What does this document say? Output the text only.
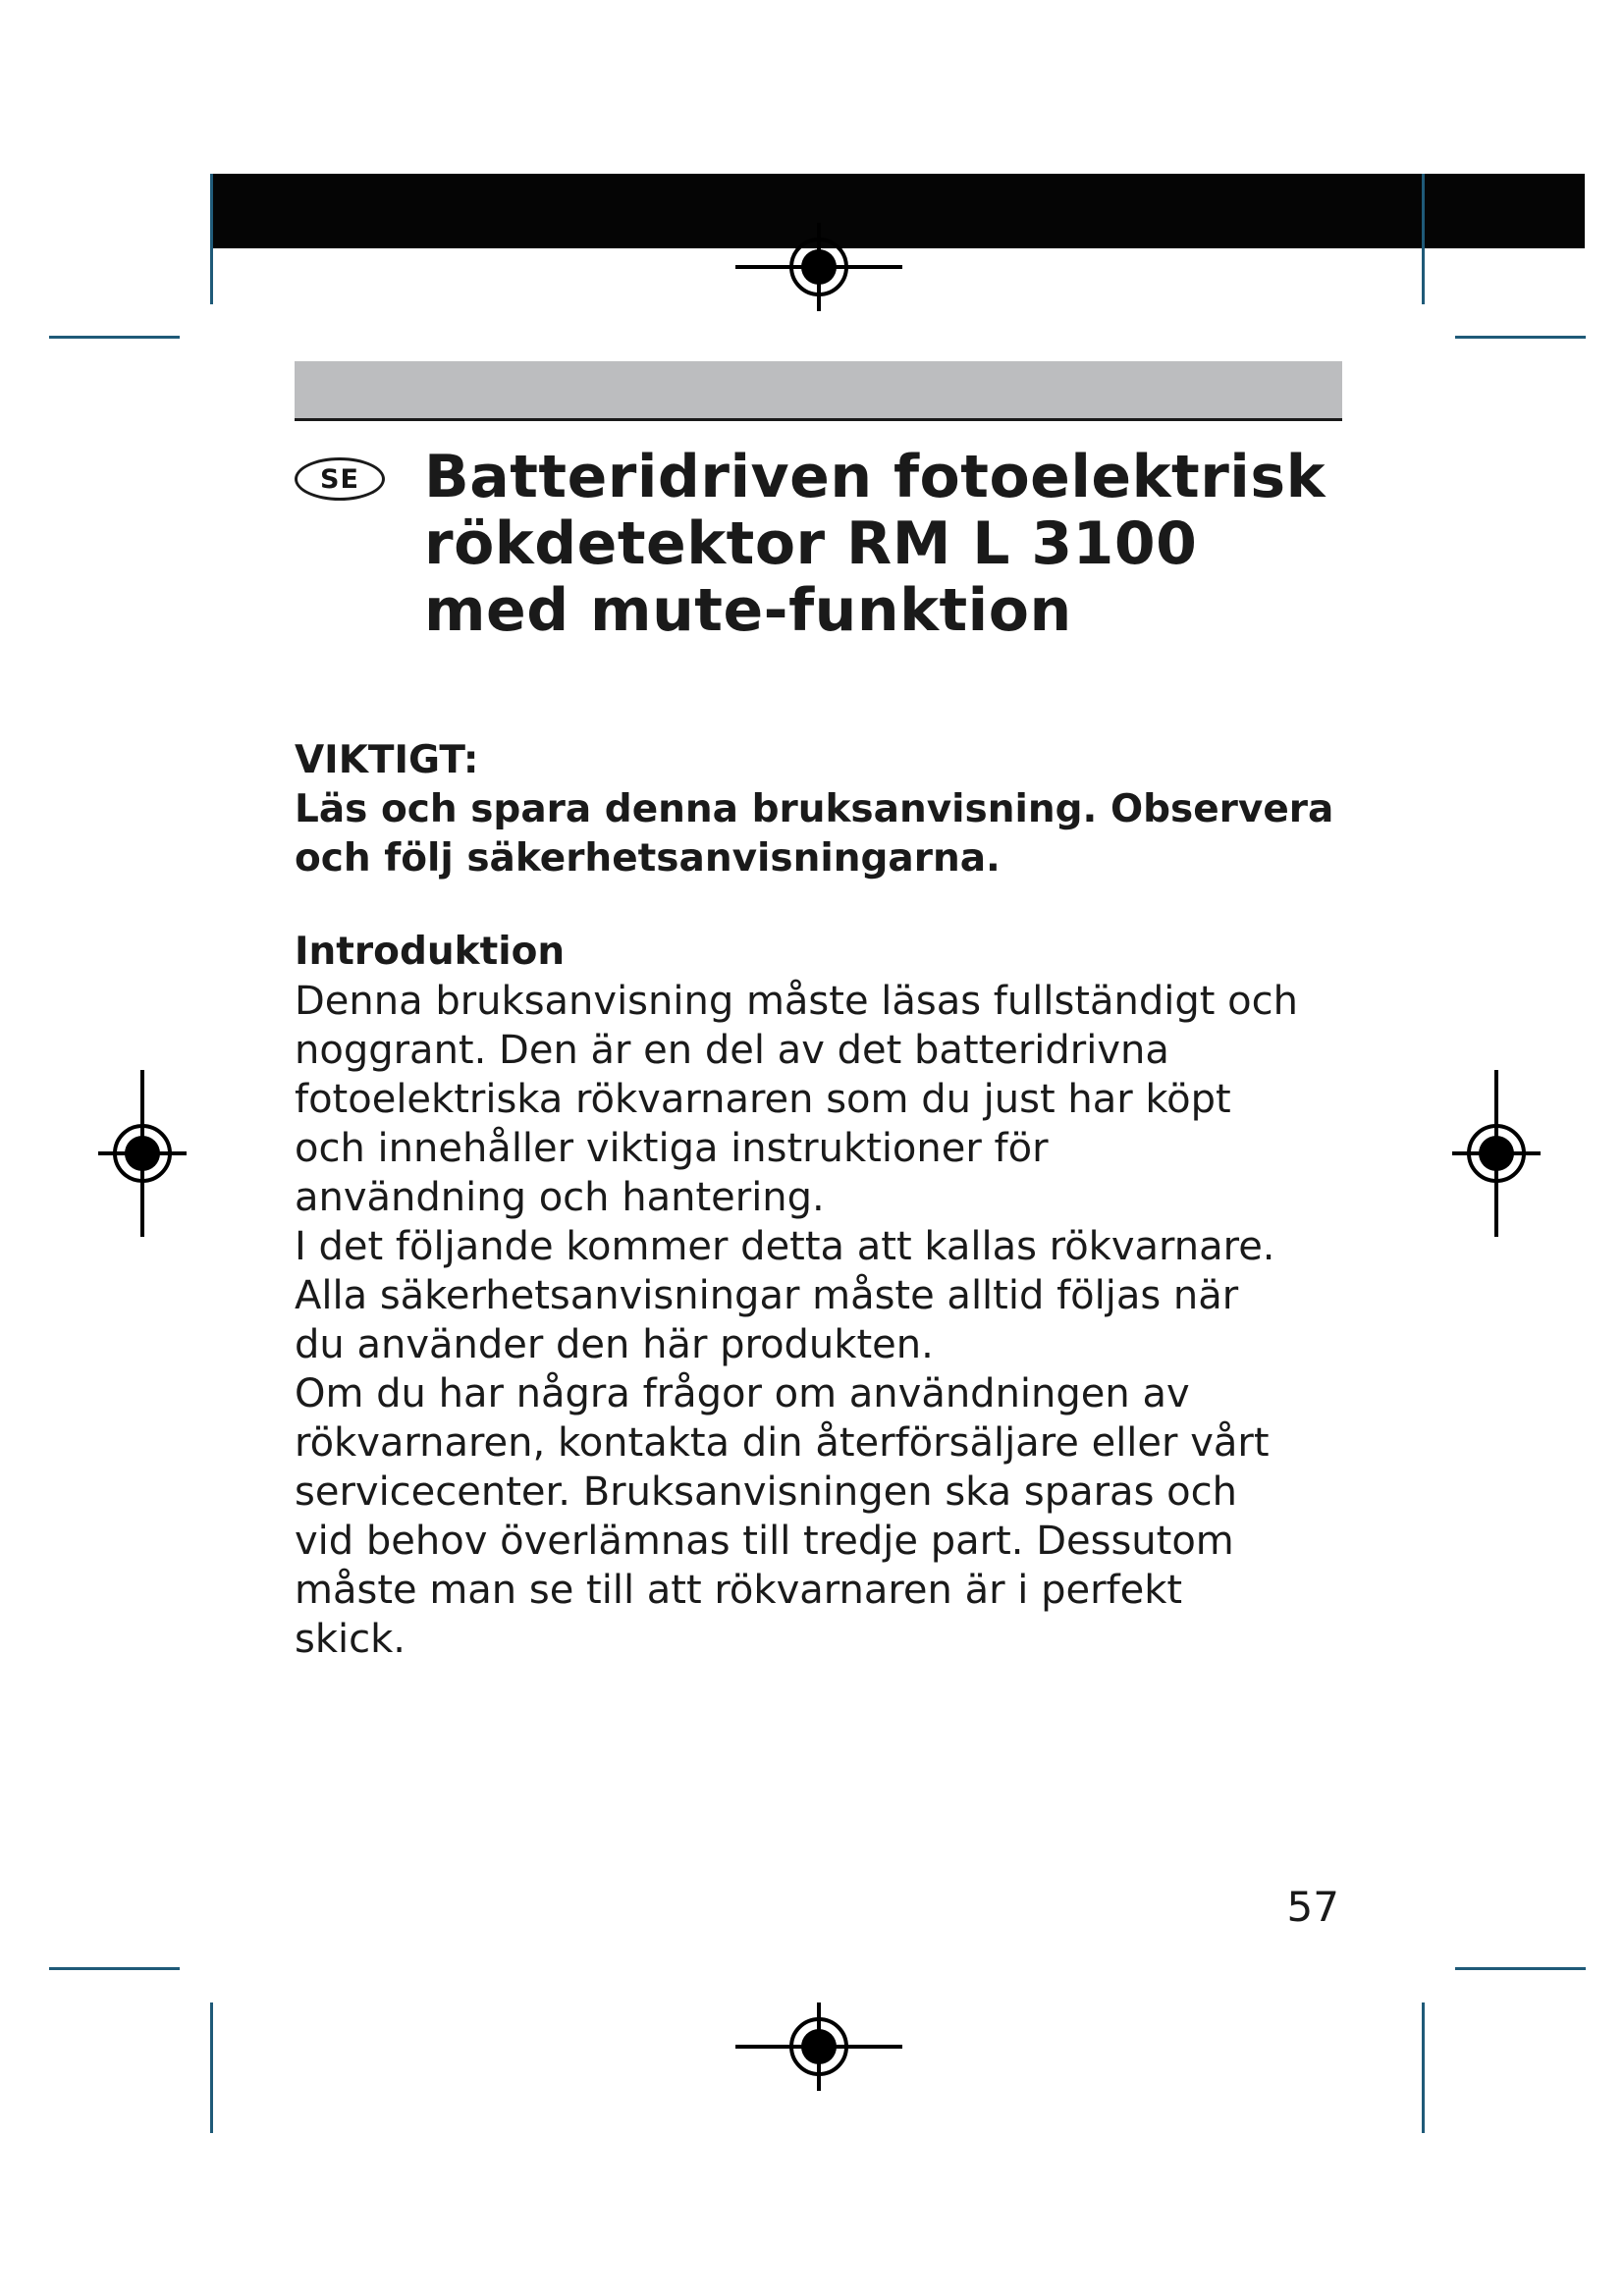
SE	Batteridriven fotoelektrisk
rökdetektor RM L 3100
med mute-funktion
VIKTIGT:
Läs och spara denna bruksanvisning. Observera
och följ säkerhetsanvisningarna.
Introduktion
Denna bruksanvisning måste läsas fullständigt och
noggrant. Den är en del av det batteridrivna
fotoelektriska rökvarnaren som du just har köpt
och innehåller viktiga instruktioner för
användning och hantering.
I det följande kommer detta att kallas rökvarnare.
Alla säkerhetsanvisningar måste alltid följas när
du använder den här produkten.
Om du har några frågor om användningen av
rökvarnaren, kontakta din återförsäljare eller vårt
servicecenter. Bruksanvisningen ska sparas och
vid behov överlämnas till tredje part. Dessutom
måste man se till att rökvarnaren är i perfekt
skick.
57
